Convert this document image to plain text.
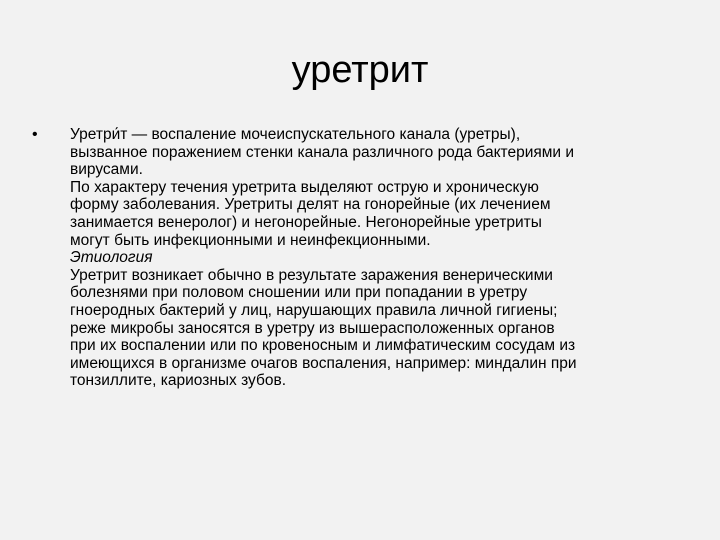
уретрит
• Уретри́т — воспаление мочеиспускательного канала (уретры),
вызванное поражением стенки канала различного рода бактериями и
вирусами.
По характеру течения уретрита выделяют острую и хроническую
форму заболевания. Уретриты делят на гонорейные (их лечением
занимается венеролог) и негонорейные. Негонорейные уретриты
могут быть инфекционными и неинфекционными.
Этиология
Уретрит возникает обычно в результате заражения венерическими
болезнями при половом сношении или при попадании в уретру
гноеродных бактерий у лиц, нарушающих правила личной гигиены;
реже микробы заносятся в уретру из вышерасположенных органов
при их воспалении или по кровеносным и лимфатическим сосудам из
имеющихся в организме очагов воспаления, например: миндалин при
тонзиллите, кариозных зубов.
